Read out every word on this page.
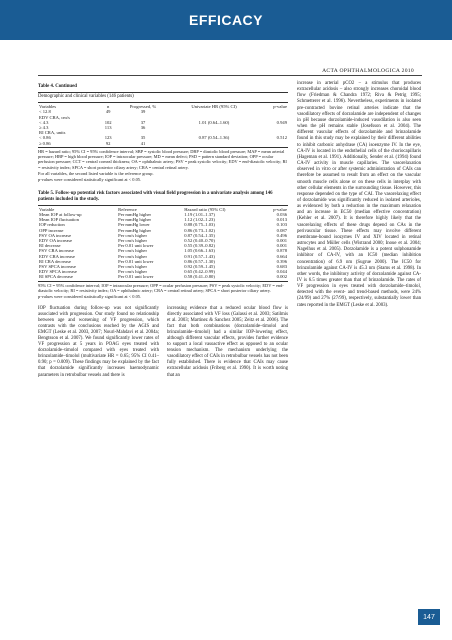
EFFICACY
ACTA OPHTHALMOLOGICA 2010
Table 4. Continued
Demographic and clinical variables (146 patients)
Variables	n	Progressed, %	Univariate HR (95% CI)	p-value
< 12.8	49	39		
EDV CRA, cm/s				
< 4.3	102	37	1.01 (0.64–1.60)	0.949
≥ 4.3	113	36		
RI CRA, units				
< 0.86	123	35	0.87 (0.54–1.36)	0.512
≥ 0.86	92	41		
HR = hazard ratio; 95% CI = 95% confidence interval; SBP = systolic blood pressure; DBP = diastolic blood pressure; MAP = mean arterial pressure; HBP = high blood pressure; IOP = intraocular pressure; MD = mean defect; PSD = pattern standard deviation; OPP = ocular perfusion pressure; CCT = central corneal thickness; OA = ophthalmic artery; PSV = peak systolic velocity; EDV = end-diastolic velocity; RI = resistivity index; SPCA = short posterior ciliary artery; CRA = central retinal artery.
For all variables, the second listed variable is the reference group.
p-values were considered statistically significant at < 0.05.
Table 5. Follow-up potential risk factors associated with visual field progression in a univariate analysis among 146 patients included in the study.
Variable	Reference	Hazard ratio (95% CI)	p-value
Mean IOP at follow-up	Per mmHg higher	1.19 (1.01–1.37)	0.036
Mean IOP fluctuation	Per mmHg higher	1.12 (1.02–1.23)	0.013
IOP reduction	Per mmHg lower	0.88 (0.75–1.03)	0.103
OPP increase	Per mmHg higher	0.86 (0.73–1.02)	0.087
PSV OA increase	Per cm/s higher	0.87 (0.54–1.35)	0.496
EDV OA increase	Per cm/s higher	0.52 (0.40–0.70)	0.001
RI decrease	Per 0.01 unit lower	0.55 (0.39–0.82)	0.001
PSV CRA increase	Per cm/s higher	1.05 (0.66–1.63)	0.878
EDV CRA increase	Per cm/s higher	0.91 (0.57–1.43)	0.664
RI CRA decrease	Per 0.01 unit lower	0.86 (0.57–1.30)	0.396
PSV SPCA increase	Per cm/s higher	0.92 (0.59–1.45)	0.683
EDV SPCA increase	Per cm/s higher	0.65 (0.42–0.99)	0.044
RI SPCA decrease	Per 0.01 unit lower	0.58 (0.41–0.80)	0.002
95% CI = 95% confidence interval; IOP = intraocular pressure; OPP = ocular perfusion pressure; PSV = peak systolic velocity; EDV = end-diastolic velocity; RI = resistivity index; OA = ophthalmic artery; CRA = central retinal artery; SPCA = short posterior ciliary artery.
p-values were considered statistically significant at < 0.05.
IOP fluctuation during follow-up was not significantly associated with progression. Our study found no relationship between age and worsening of VF progression, which contrasts with the conclusions reached by the AGIS and EMGT (Leske et al. 2003, 2007; Nouri-Mahdavi et al. 2004a; Bengtsson et al. 2007). We found significantly lower rates of VF progression at 5 years in POAG eyes treated with dorzolamide–timolol compared with eyes treated with brinzolamide–timolol (multivariate HR = 0.65; 95% CI 0.41–0.90; p = 0.009). These findings may be explained by the fact that dorzolamide significantly increases haemodynamic parameters in retrobulbar vessels and there is
increasing evidence that a reduced ocular blood flow is directly associated with VF loss (Galassi et al. 2003; Satilmis et al. 2003; Martinez & Sanchez 2005; Zeitz et al. 2006). The fact that both combinations (dorzolamide–timolol and brinzolamide–timolol) had a similar IOP-lowering effect, although different vascular effects, provides further evidence to support a local vasoactive effect as opposed to an ocular tension mechanism. The mechanism underlying the vasodilatory effect of CAIs in retrobulbar vessels has not been fully established. There is evidence that CAIs may cause extracellular acidosis (Friberg et al. 1990). It is worth noting that an
increase in arterial pCO2 – a stimulus that produces extracellular acidosis – also strongly increases choroidal blood flow (Friedman & Chandra 1972; Riva & Petrig 1995; Schmetterer et al. 1996). Nevertheless, experiments in isolated pre-contracted bovine retinal arteries indicate that the vasodilatory effects of dorzolamide are independent of changes in pH because dorzolamide-induced vasodilation is also seen when the pH remains stable (Josefsson et al. 2004). The different vascular effects of dorzolamide and brinzolamide found in this study may be explained by their different abilities to inhibit carbonic anhydrase (CA) isoenzyme IV. In the eye, CA-IV is located in the endothelial cells of the choriocapillaris (Hageman et al. 1991). Additionally, Sender et al. (1994) found CA-IV activity in muscle capillaries. The vasorelaxation observed in vitro or after systemic administration of CAIs can therefore be assumed to result from an effect on the vascular smooth muscle cells alone or on these cells in interplay with other cellular elements in the surrounding tissue. However, this response depended on the type of CAI. The vasorelaxing effect of dorzolamide was significantly reduced in isolated arterioles, as evidenced by both a reduction in the maximum relaxation and an increase in EC50 (median effective concentration) (Kehler et al. 2007). It is therefore highly likely that the vasorelaxing effects of these drugs depend on CAs in the perivascular tissue. These effects may involve different membrane-bound isozymes IV and XIV located in retinal astrocytes and Müller cells (Wistrand 2000; Inoue et al. 2004; Nagelhus et al. 2005). Dorzolamide is a potent sulphonamide inhibitor of CA-IV, with an IC50 (median inhibition concentration) of 6.9 nm (Sugrue 2000). The IC50 for brinzolamide against CA-IV is 45.3 nm (Stams et al. 1998). In other words, the inhibitory activity of dorzolamide against CA-IV is 6.5 times greater than that of brinzolamide. The rates of VF progression in eyes treated with dorzolamide–timolol, detected with the event- and trend-based methods, were 24% (24/99) and 27% (27/99), respectively, substantially lower than rates reported in the EMGT (Leske et al. 2003).
147
